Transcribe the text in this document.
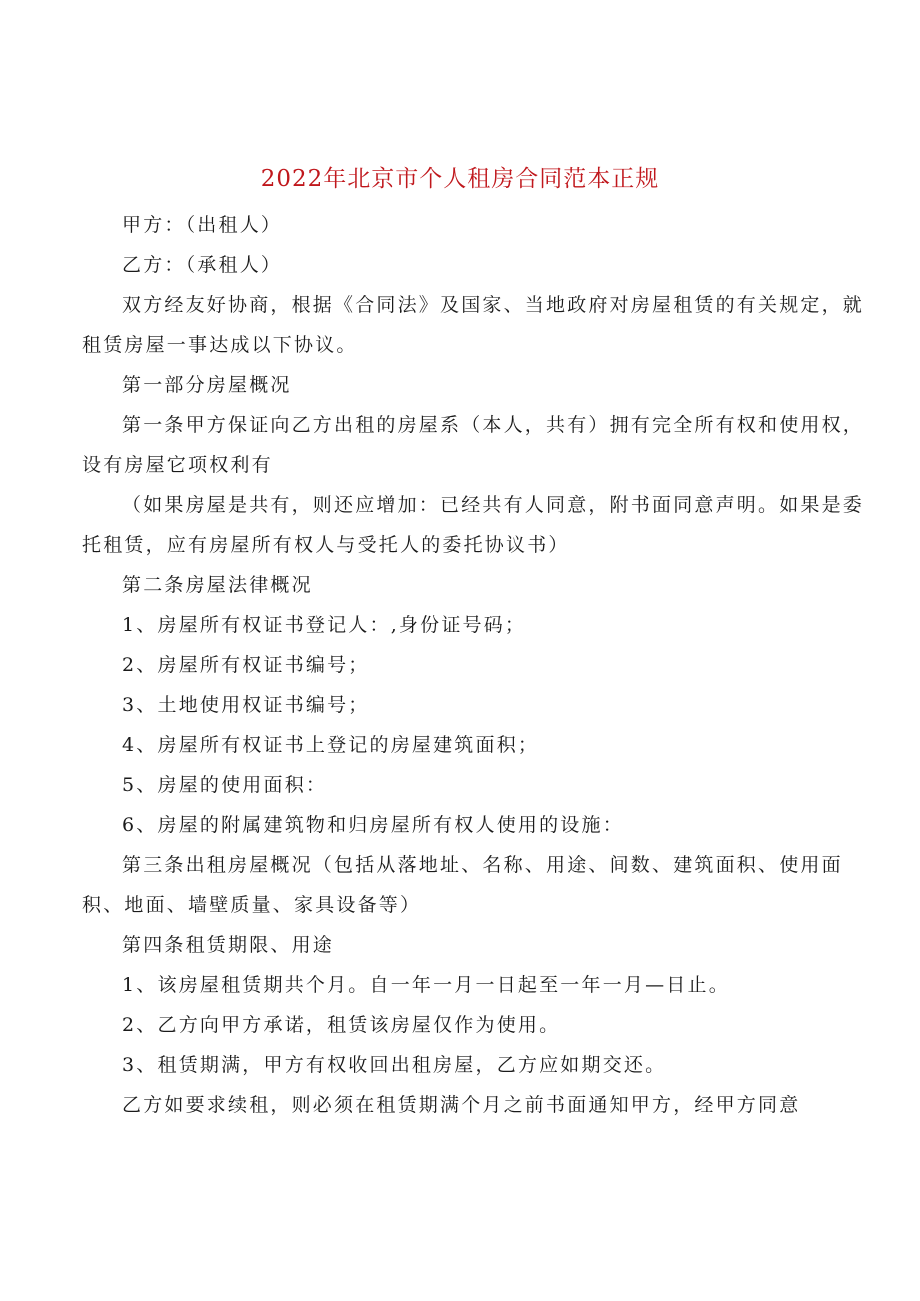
2022年北京市个人租房合同范本正规

甲方：（出租人）

乙方：（承租人）

双方经友好协商，根据《合同法》及国家、当地政府对房屋租赁的有关规定，就

租赁房屋一事达成以下协议。

第一部分房屋概况

第一条甲方保证向乙方出租的房屋系（本人，共有）拥有完全所有权和使用权，

设有房屋它项权利有

（如果房屋是共有，则还应增加：已经共有人同意，附书面同意声明。如果是委

托租赁，应有房屋所有权人与受托人的委托协议书）

第二条房屋法律概况

1、房屋所有权证书登记人：,身份证号码；

2、房屋所有权证书编号；

3、土地使用权证书编号；

4、房屋所有权证书上登记的房屋建筑面积；

5、房屋的使用面积：

6、房屋的附属建筑物和归房屋所有权人使用的设施：

第三条出租房屋概况（包括从落地址、名称、用途、间数、建筑面积、使用面

积、地面、墙壁质量、家具设备等）

第四条租赁期限、用途

1、该房屋租赁期共个月。自一年一月一日起至一年一月—日止。

2、乙方向甲方承诺，租赁该房屋仅作为使用。

3、租赁期满，甲方有权收回出租房屋，乙方应如期交还。

乙方如要求续租，则必须在租赁期满个月之前书面通知甲方，经甲方同意
